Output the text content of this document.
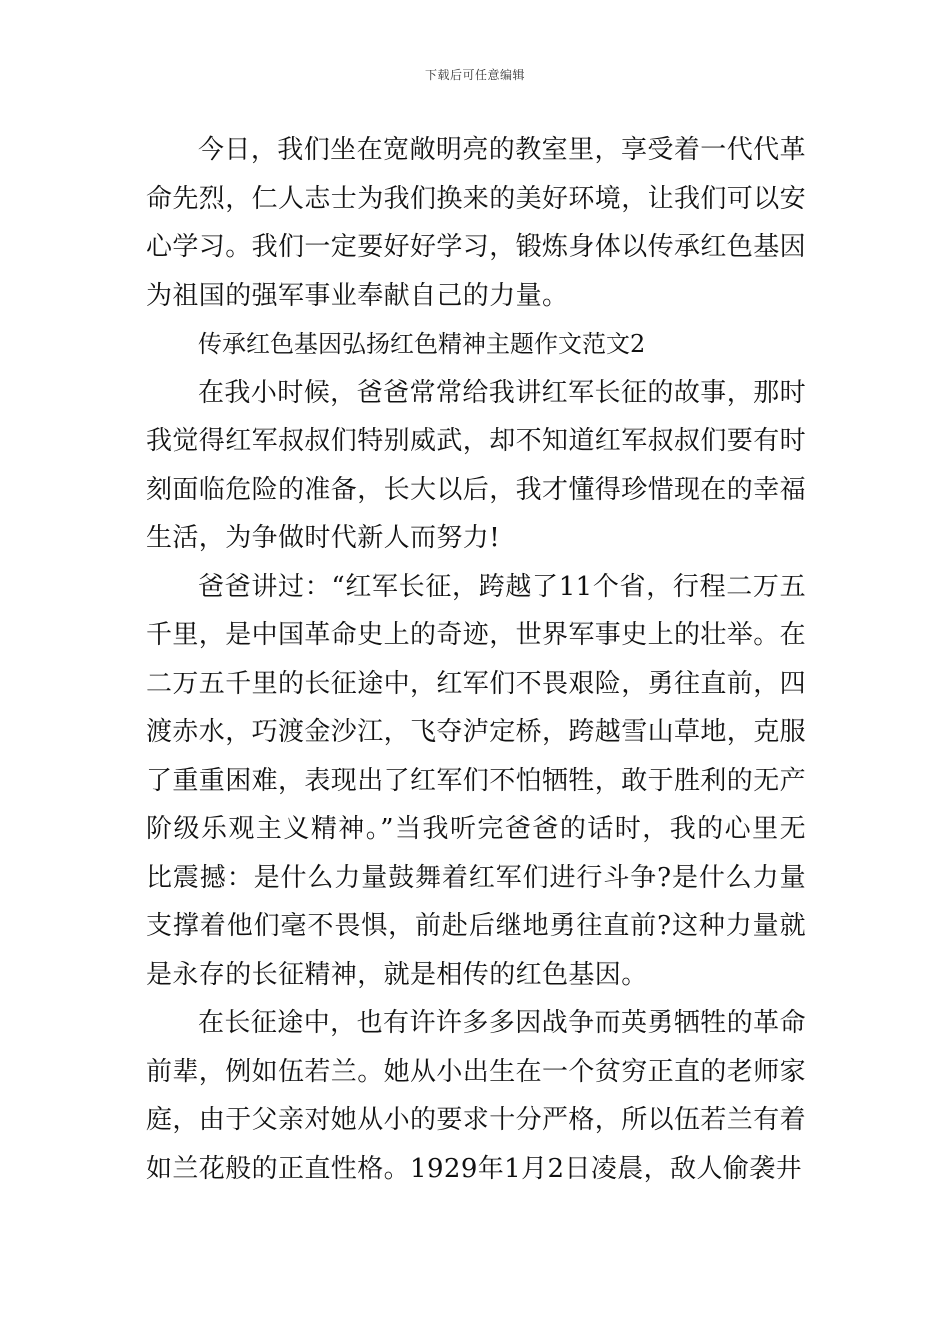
下载后可任意编辑

今日，我们坐在宽敞明亮的教室里，享受着一代代革命先烈，仁人志士为我们换来的美好环境，让我们可以安心学习。我们一定要好好学习，锻炼身体以传承红色基因为祖国的强军事业奉献自己的力量。

传承红色基因弘扬红色精神主题作文范文2

在我小时候，爸爸常常给我讲红军长征的故事，那时我觉得红军叔叔们特别威武，却不知道红军叔叔们要有时刻面临危险的准备，长大以后，我才懂得珍惜现在的幸福生活，为争做时代新人而努力!

爸爸讲过：“红军长征，跨越了11个省，行程二万五千里，是中国革命史上的奇迹，世界军事史上的壮举。在二万五千里的长征途中，红军们不畏艰险，勇往直前，四渡赤水，巧渡金沙江，飞夺泸定桥，跨越雪山草地，克服了重重困难，表现出了红军们不怕牺牲，敢于胜利的无产阶级乐观主义精神。”当我听完爸爸的话时，我的心里无比震撼：是什么力量鼓舞着红军们进行斗争?是什么力量支撑着他们毫不畏惧，前赴后继地勇往直前?这种力量就是永存的长征精神，就是相传的红色基因。

在长征途中，也有许许多多因战争而英勇牺牲的革命前辈，例如伍若兰。她从小出生在一个贫穷正直的老师家庭，由于父亲对她从小的要求十分严格，所以伍若兰有着如兰花般的正直性格。1929年1月2日凌晨，敌人偷袭井
